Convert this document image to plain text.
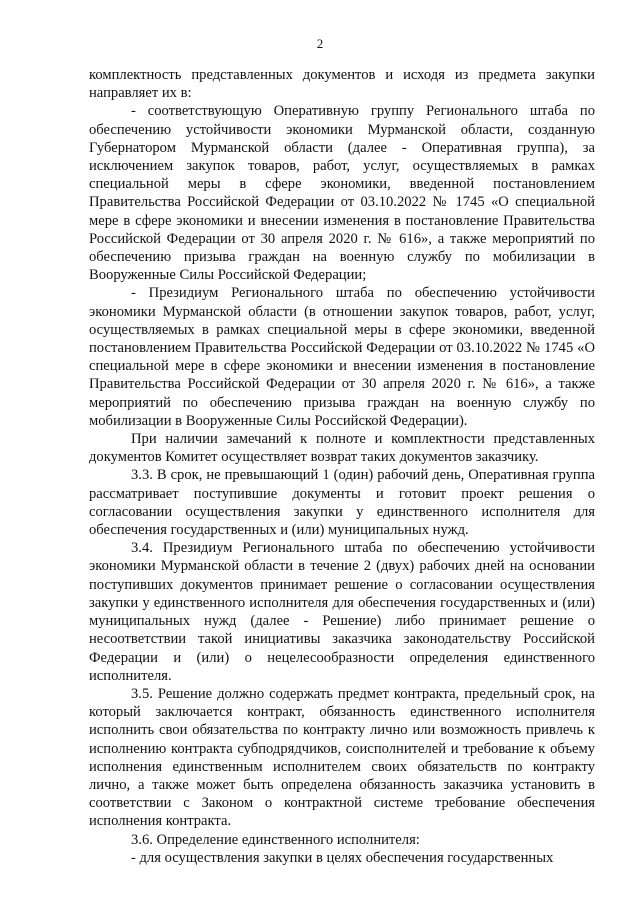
2

комплектность представленных документов и исходя из предмета закупки направляет их в:

- соответствующую Оперативную группу Регионального штаба по обеспечению устойчивости экономики Мурманской области, созданную Губернатором Мурманской области (далее - Оперативная группа), за исключением закупок товаров, работ, услуг, осуществляемых в рамках специальной меры в сфере экономики, введенной постановлением Правительства Российской Федерации от 03.10.2022 № 1745 «О специальной мере в сфере экономики и внесении изменения в постановление Правительства Российской Федерации от 30 апреля 2020 г. № 616», а также мероприятий по обеспечению призыва граждан на военную службу по мобилизации в Вооруженные Силы Российской Федерации;

- Президиум Регионального штаба по обеспечению устойчивости экономики Мурманской области (в отношении закупок товаров, работ, услуг, осуществляемых в рамках специальной меры в сфере экономики, введенной постановлением Правительства Российской Федерации от 03.10.2022 № 1745 «О специальной мере в сфере экономики и внесении изменения в постановление Правительства Российской Федерации от 30 апреля 2020 г. № 616», а также мероприятий по обеспечению призыва граждан на военную службу по мобилизации в Вооруженные Силы Российской Федерации).

При наличии замечаний к полноте и комплектности представленных документов Комитет осуществляет возврат таких документов заказчику.

3.3. В срок, не превышающий 1 (один) рабочий день, Оперативная группа рассматривает поступившие документы и готовит проект решения о согласовании осуществления закупки у единственного исполнителя для обеспечения государственных и (или) муниципальных нужд.

3.4. Президиум Регионального штаба по обеспечению устойчивости экономики Мурманской области в течение 2 (двух) рабочих дней на основании поступивших документов принимает решение о согласовании осуществления закупки у единственного исполнителя для обеспечения государственных и (или) муниципальных нужд (далее - Решение) либо принимает решение о несоответствии такой инициативы заказчика законодательству Российской Федерации и (или) о нецелесообразности определения единственного исполнителя.

3.5. Решение должно содержать предмет контракта, предельный срок, на который заключается контракт, обязанность единственного исполнителя исполнить свои обязательства по контракту лично или возможность привлечь к исполнению контракта субподрядчиков, соисполнителей и требование к объему исполнения единственным исполнителем своих обязательств по контракту лично, а также может быть определена обязанность заказчика установить в соответствии с Законом о контрактной системе требование обеспечения исполнения контракта.

3.6. Определение единственного исполнителя:

- для осуществления закупки в целях обеспечения государственных
